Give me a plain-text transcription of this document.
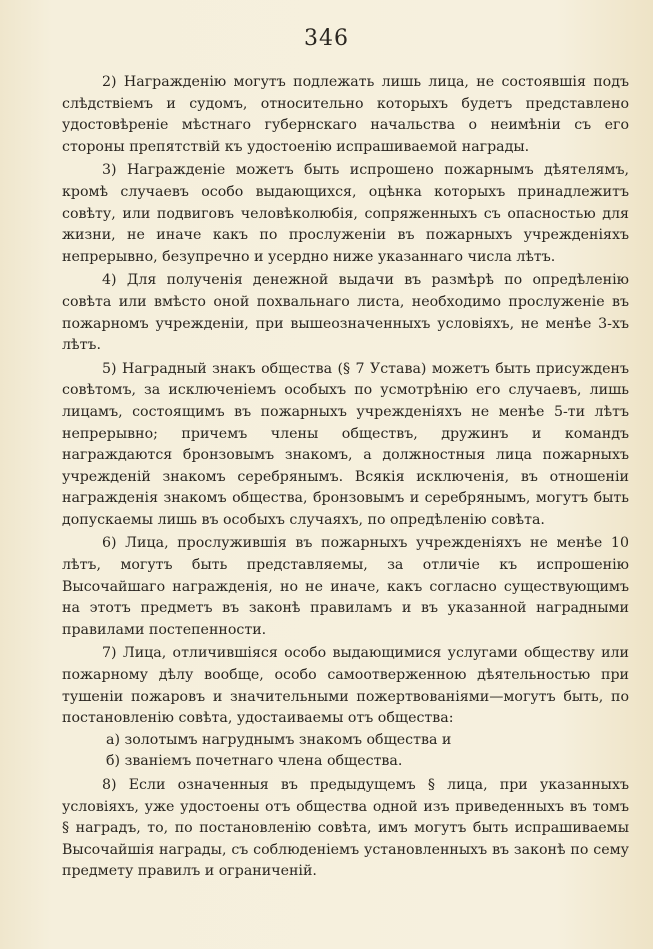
346

2) Награжденію могутъ подлежать лишь лица, не состоявшія подъ слѣдствіемъ и судомъ, относительно которыхъ будетъ представлено удостовѣреніе мѣстнаго губернскаго начальства о неимѣніи съ его стороны препятствій къ удостоенію испрашиваемой награды.

3) Награжденіе можетъ быть испрошено пожарнымъ дѣятелямъ, кромѣ случаевъ особо выдающихся, оцѣнка которыхъ принадлежитъ совѣту, или подвиговъ человѣколюбія, сопряженныхъ съ опасностью для жизни, не иначе какъ по прослуженіи въ пожарныхъ учрежденіяхъ непрерывно, безупречно и усердно ниже указаннаго числа лѣтъ.

4) Для полученія денежной выдачи въ размѣрѣ по опредѣленію совѣта или вмѣсто оной похвальнаго листа, необходимо прослуженіе въ пожарномъ учрежденіи, при вышеозначенныхъ условіяхъ, не менѣе 3-хъ лѣтъ.

5) Наградный знакъ общества (§ 7 Устава) можетъ быть присужденъ совѣтомъ, за исключеніемъ особыхъ по усмотрѣнію его случаевъ, лишь лицамъ, состоящимъ въ пожарныхъ учрежденіяхъ не менѣе 5-ти лѣтъ непрерывно; причемъ члены обществъ, дружинъ и командъ награждаются бронзовымъ знакомъ, а должностныя лица пожарныхъ учрежденій знакомъ серебрянымъ. Всякія исключенія, въ отношеніи награжденія знакомъ общества, бронзовымъ и серебрянымъ, могутъ быть допускаемы лишь въ особыхъ случаяхъ, по опредѣленію совѣта.

6) Лица, прослужившія въ пожарныхъ учрежденіяхъ не менѣе 10 лѣтъ, могутъ быть представляемы, за отличіе къ испрошенію Высочайшаго награжденія, но не иначе, какъ согласно существующимъ на этотъ предметъ въ законѣ правиламъ и въ указанной наградными правилами постепенности.

7) Лица, отличившіяся особо выдающимися услугами обществу или пожарному дѣлу вообще, особо самоотверженною дѣятельностью при тушеніи пожаровъ и значительными пожертвованіями—могутъ быть, по постановленію совѣта, удостаиваемы отъ общества:

а) золотымъ нагруднымъ знакомъ общества и

б) званіемъ почетнаго члена общества.

8) Если означенныя въ предыдущемъ § лица, при указанныхъ условіяхъ, уже удостоены отъ общества одной изъ приведенныхъ въ томъ § наградъ, то, по постановленію совѣта, имъ могутъ быть испрашиваемы Высочайшія награды, съ соблюденіемъ установленныхъ въ законѣ по сему предмету правилъ и ограниченій.
